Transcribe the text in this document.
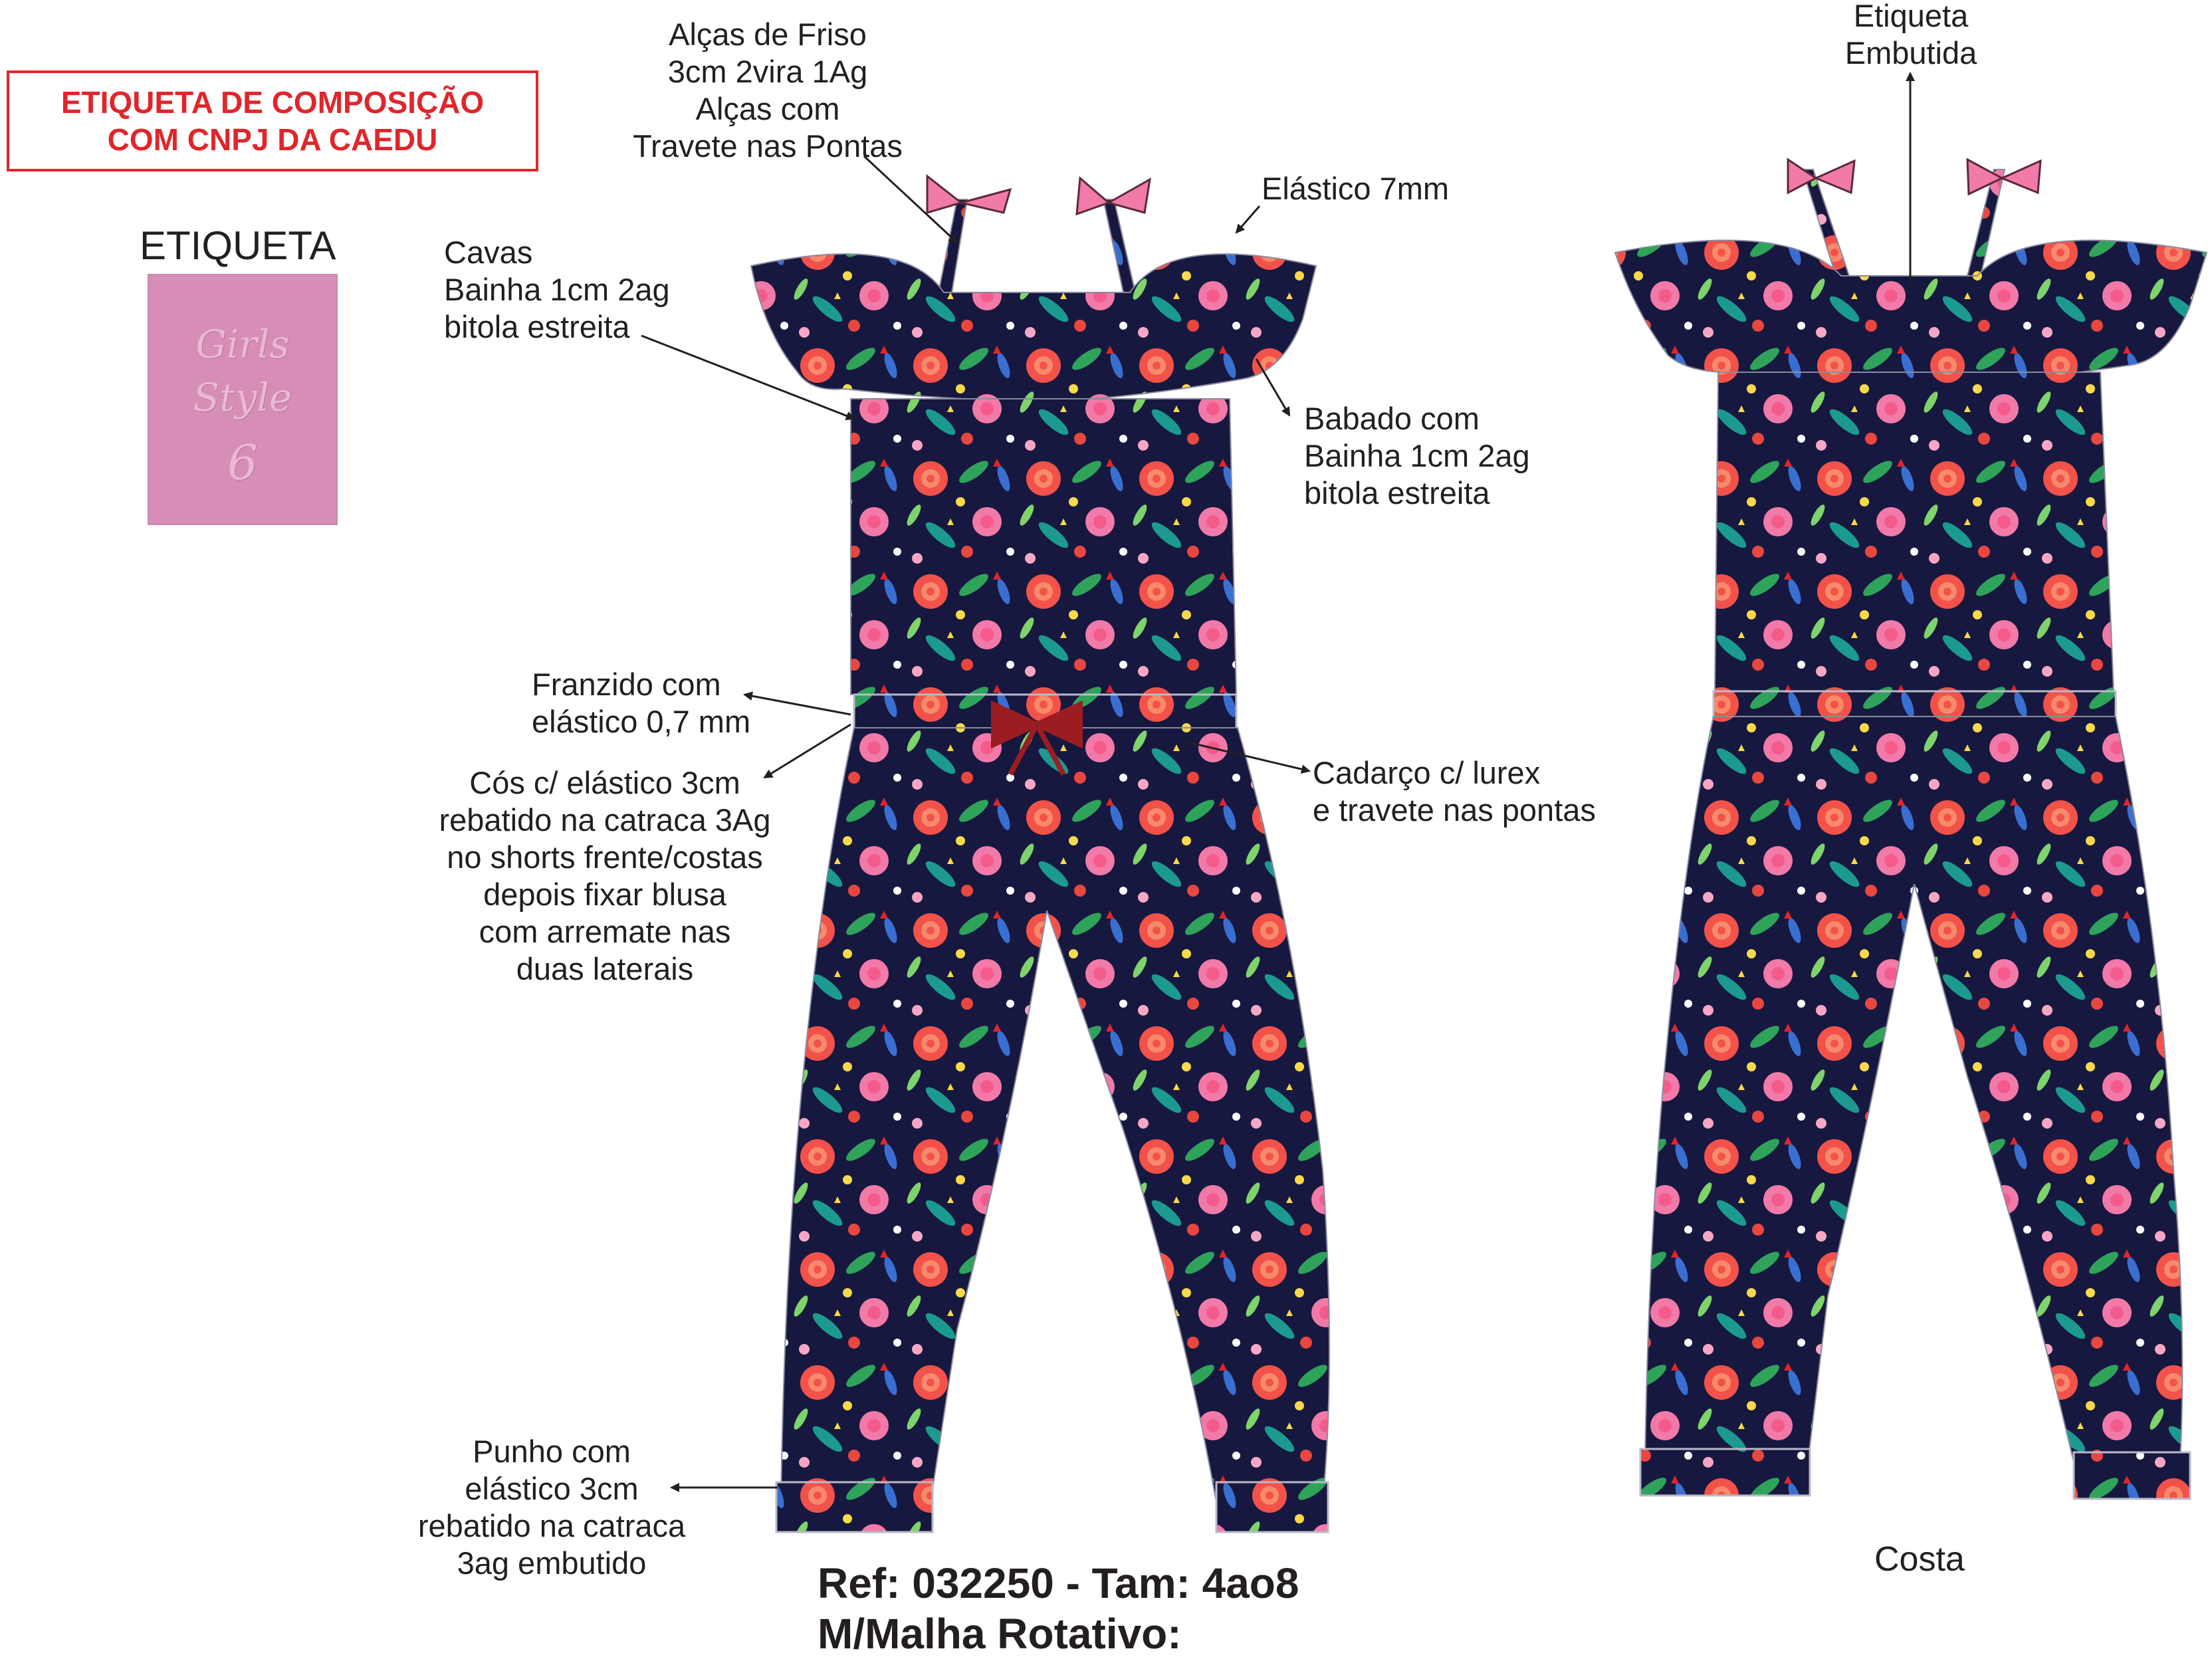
ETIQUETA DE COMPOSIÇÃO
COM CNPJ DA CAEDU
ETIQUETA
Girls
Style
6
Alças de Friso
3cm 2vira 1Ag
Alças com
Travete nas Pontas
Elástico 7mm
Cavas
Bainha 1cm 2ag
bitola estreita
Babado com
Bainha 1cm 2ag
bitola estreita
Franzido com
elástico 0,7 mm
Cós c/ elástico 3cm
rebatido na catraca 3Ag
no shorts frente/costas
depois fixar blusa
com arremate nas
duas laterais
Cadarço c/ lurex
e travete nas pontas
Punho com
elástico 3cm
rebatido na catraca
3ag embutido
Etiqueta
Embutida
Ref: 032250 - Tam: 4ao8
M/Malha Rotativo:
Costa
